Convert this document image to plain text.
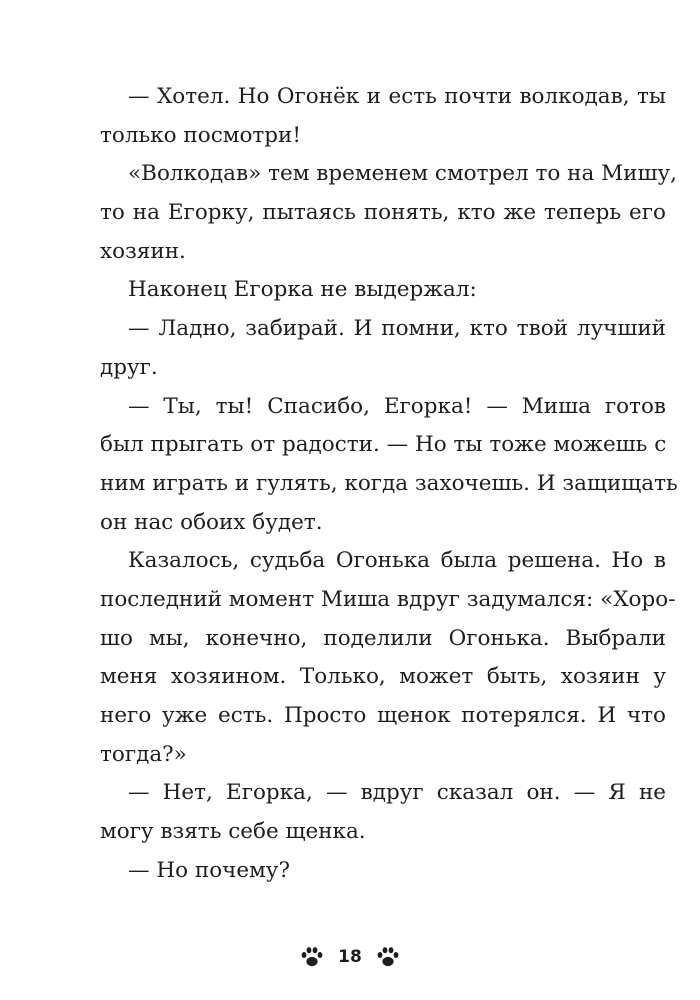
— Хотел. Но Огонёк и есть почти волкодав, ты
только посмотри!
«Волкодав» тем временем смотрел то на Мишу,
то на Егорку, пытаясь понять, кто же теперь его
хозяин.
Наконец Егорка не выдержал:
— Ладно, забирай. И помни, кто твой лучший
друг.
— Ты, ты! Спасибо, Егорка! — Миша готов
был прыгать от радости. — Но ты тоже можешь с
ним играть и гулять, когда захочешь. И защищать
он нас обоих будет.
Казалось, судьба Огонька была решена. Но в
последний момент Миша вдруг задумался: «Хоро-
шо мы, конечно, поделили Огонька. Выбрали
меня хозяином. Только, может быть, хозяин у
него уже есть. Просто щенок потерялся. И что
тогда?»
— Нет, Егорка, — вдруг сказал он. — Я не
могу взять себе щенка.
— Но почему?
18
